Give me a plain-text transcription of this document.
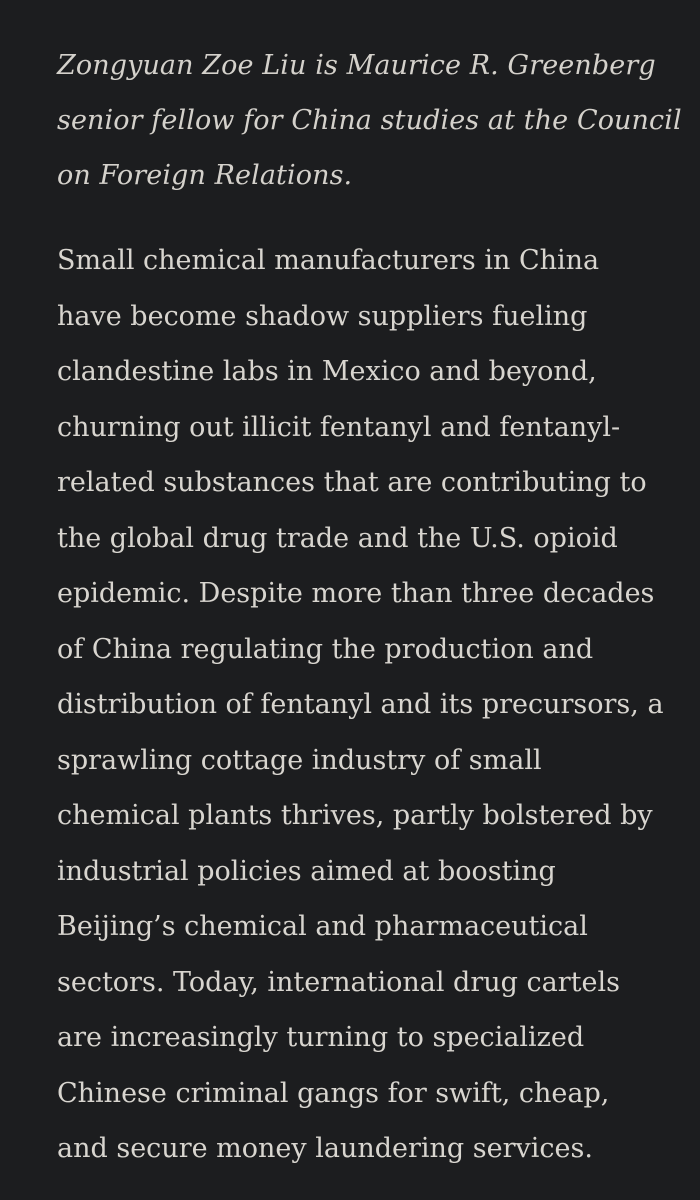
Zongyuan Zoe Liu is Maurice R. Greenberg
senior fellow for China studies at the Council
on Foreign Relations.

Small chemical manufacturers in China
have become shadow suppliers fueling
clandestine labs in Mexico and beyond,
churning out illicit fentanyl and fentanyl-
related substances that are contributing to
the global drug trade and the U.S. opioid
epidemic. Despite more than three decades
of China regulating the production and
distribution of fentanyl and its precursors, a
sprawling cottage industry of small
chemical plants thrives, partly bolstered by
industrial policies aimed at boosting
Beijing’s chemical and pharmaceutical
sectors. Today, international drug cartels
are increasingly turning to specialized
Chinese criminal gangs for swift, cheap,
and secure money laundering services.
